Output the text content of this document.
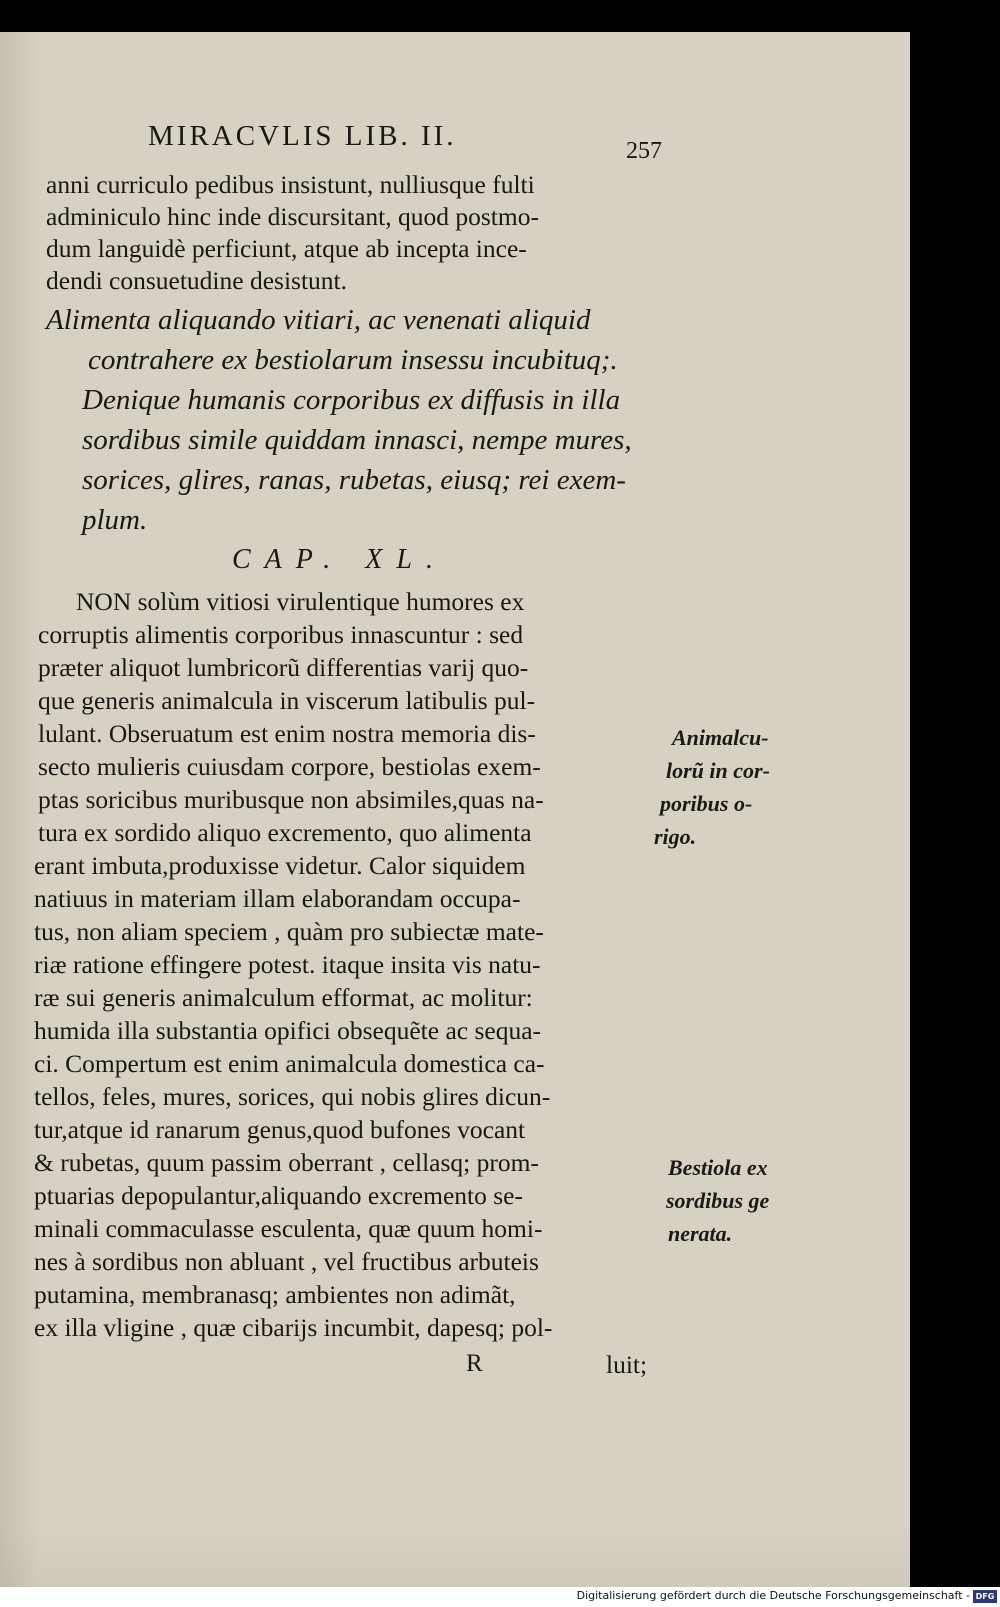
MIRACVLIS LIB. II.	257
anni curriculo pedibus insistunt, nulliusque fulti
adminiculo hinc inde discursitant, quod postmo-
dum languidè perficiunt, atque ab incepta ince-
dendi consuetudine desistunt.
Alimenta aliquando vitiari, ac venenati aliquid
contrahere ex bestiolarum insessu incubituq;.
Denique humanis corporibus ex diffusis in illa
sordibus simile quiddam innasci, nempe mures,
sorices, glires, ranas, rubetas, eiusq; rei exem-
plum.
CAP. XL.
NON solùm vitiosi virulentique humores ex
corruptis alimentis corporibus innascuntur : sed
præter aliquot lumbricorũ differentias varij quo-
que generis animalcula in viscerum latibulis pul-
lulant. Obseruatum est enim nostra memoria dis-
secto mulieris cuiusdam corpore, bestiolas exem-
ptas soricibus muribusque non absimiles,quas na-
tura ex sordido aliquo excremento, quo alimenta
erant imbuta,produxisse videtur. Calor siquidem
natiuus in materiam illam elaborandam occupa-
tus, non aliam speciem , quàm pro subiectæ mate-
riæ ratione effingere potest. itaque insita vis natu-
ræ sui generis animalculum efformat, ac molitur:
humida illa substantia opifici obsequẽte ac sequa-
ci. Compertum est enim animalcula domestica ca-
tellos, feles, mures, sorices, qui nobis glires dicun-
tur,atque id ranarum genus,quod bufones vocant
& rubetas, quum passim oberrant , cellasq; prom-
ptuarias depopulantur,aliquando excremento se-
minali commaculasse esculenta, quæ quum homi-
nes à sordibus non abluant , vel fructibus arbuteis
putamina, membranasq; ambientes non adimãt,
ex illa vligine , quæ cibarijs incumbit, dapesq; pol-
Animalcu-
lorũ in cor-
poribus o-
rigo.
Bestiola ex
sordibus ge
nerata.
R	luit;
Digitalisierung gefördert durch die Deutsche Forschungsgemeinschaft - DFG
